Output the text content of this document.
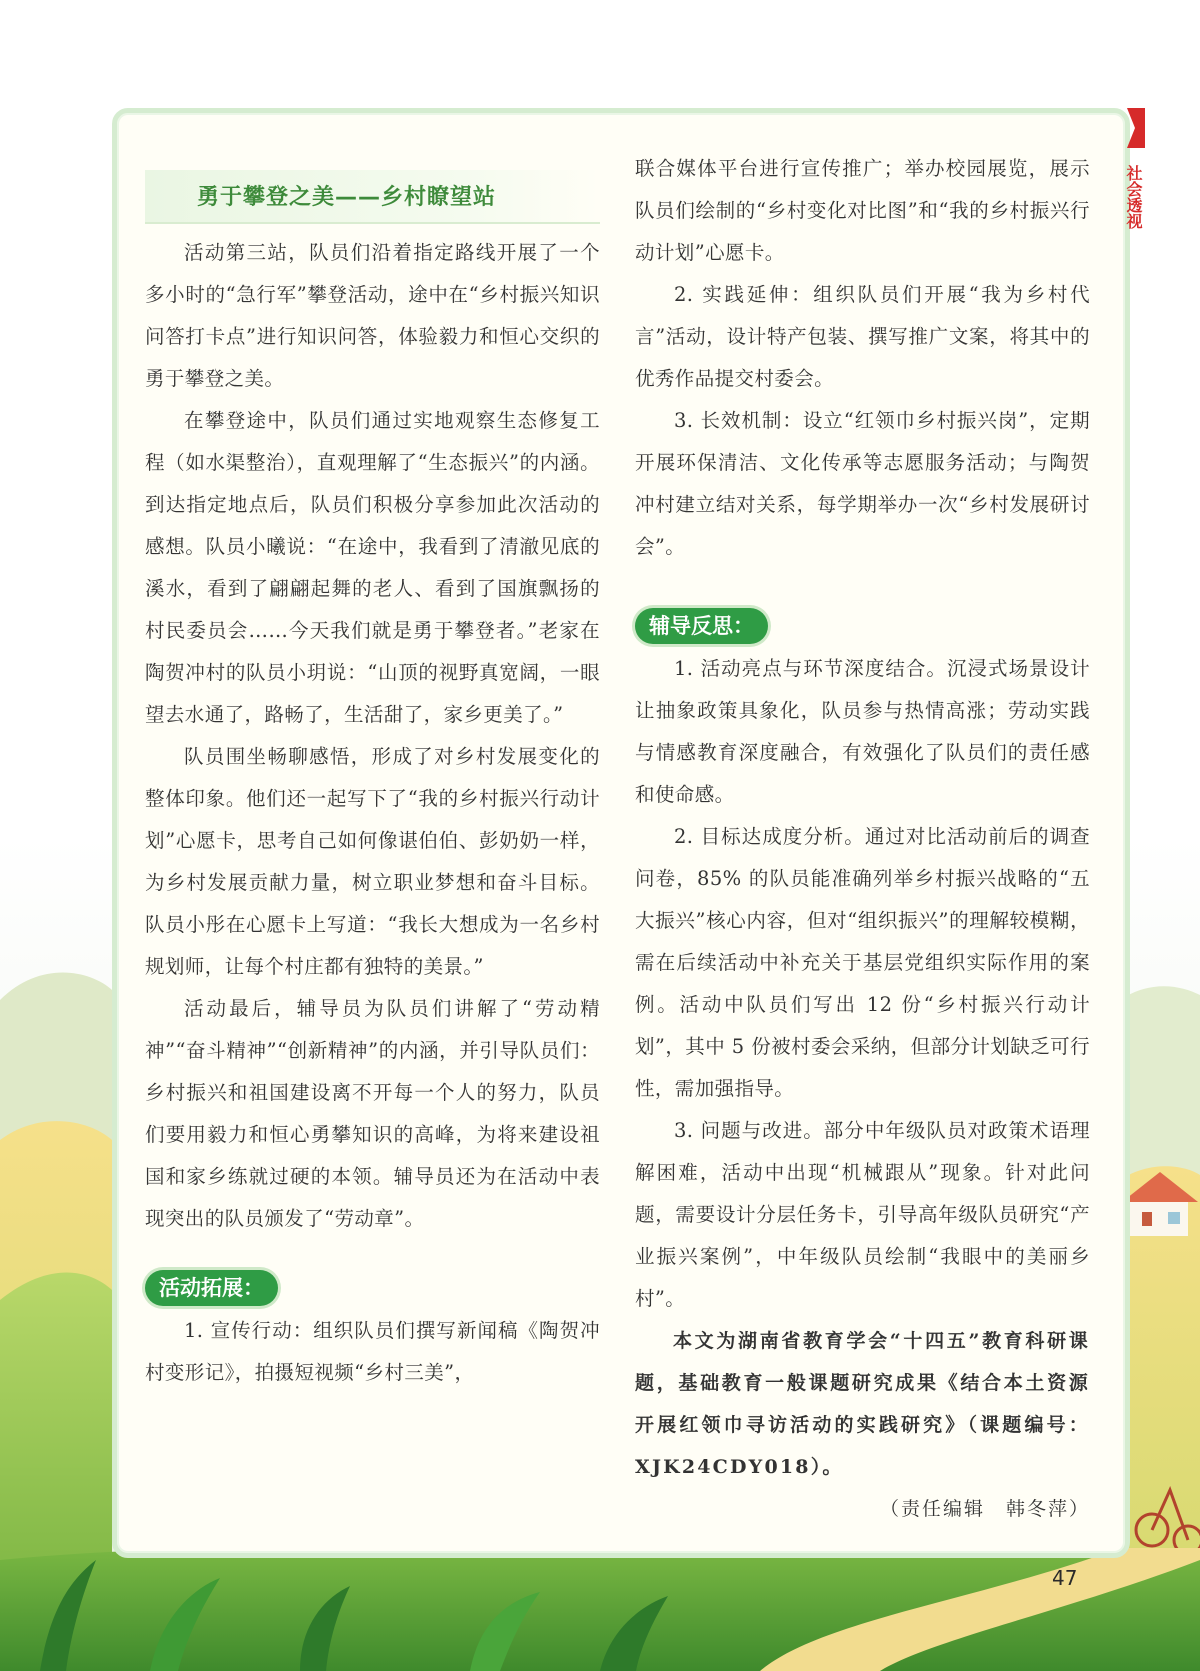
社会透视
勇于攀登之美——乡村瞭望站

活动第三站，队员们沿着指定路线开展了一个多小时的“急行军”攀登活动，途中在“乡村振兴知识问答打卡点”进行知识问答，体验毅力和恒心交织的勇于攀登之美。

在攀登途中，队员们通过实地观察生态修复工程（如水渠整治），直观理解了“生态振兴”的内涵。到达指定地点后，队员们积极分享参加此次活动的感想。队员小曦说：“在途中，我看到了清澈见底的溪水，看到了翩翩起舞的老人、看到了国旗飘扬的村民委员会……今天我们就是勇于攀登者。”老家在陶贺冲村的队员小玥说：“山顶的视野真宽阔，一眼望去水通了，路畅了，生活甜了，家乡更美了。”

队员围坐畅聊感悟，形成了对乡村发展变化的整体印象。他们还一起写下了“我的乡村振兴行动计划”心愿卡，思考自己如何像谌伯伯、彭奶奶一样，为乡村发展贡献力量，树立职业梦想和奋斗目标。队员小彤在心愿卡上写道：“我长大想成为一名乡村规划师，让每个村庄都有独特的美景。”

活动最后，辅导员为队员们讲解了“劳动精神”“奋斗精神”“创新精神”的内涵，并引导队员们：乡村振兴和祖国建设离不开每一个人的努力，队员们要用毅力和恒心勇攀知识的高峰，为将来建设祖国和家乡练就过硬的本领。辅导员还为在活动中表现突出的队员颁发了“劳动章”。

活动拓展：

1. 宣传行动：组织队员们撰写新闻稿《陶贺冲村变形记》，拍摄短视频“乡村三美”，

联合媒体平台进行宣传推广；举办校园展览，展示队员们绘制的“乡村变化对比图”和“我的乡村振兴行动计划”心愿卡。

2. 实践延伸：组织队员们开展“我为乡村代言”活动，设计特产包装、撰写推广文案，将其中的优秀作品提交村委会。

3. 长效机制：设立“红领巾乡村振兴岗”，定期开展环保清洁、文化传承等志愿服务活动；与陶贺冲村建立结对关系，每学期举办一次“乡村发展研讨会”。

辅导反思：

1. 活动亮点与环节深度结合。沉浸式场景设计让抽象政策具象化，队员参与热情高涨；劳动实践与情感教育深度融合，有效强化了队员们的责任感和使命感。

2. 目标达成度分析。通过对比活动前后的调查问卷，85% 的队员能准确列举乡村振兴战略的“五大振兴”核心内容，但对“组织振兴”的理解较模糊，需在后续活动中补充关于基层党组织实际作用的案例。活动中队员们写出 12 份“乡村振兴行动计划”，其中 5 份被村委会采纳，但部分计划缺乏可行性，需加强指导。

3. 问题与改进。部分中年级队员对政策术语理解困难，活动中出现“机械跟从”现象。针对此问题，需要设计分层任务卡，引导高年级队员研究“产业振兴案例”，中年级队员绘制“我眼中的美丽乡村”。

本文为湖南省教育学会“十四五”教育科研课题，基础教育一般课题研究成果《结合本土资源开展红领巾寻访活动的实践研究》（课题编号：XJK24CDY018）。

（责任编辑　韩冬萍）

47
